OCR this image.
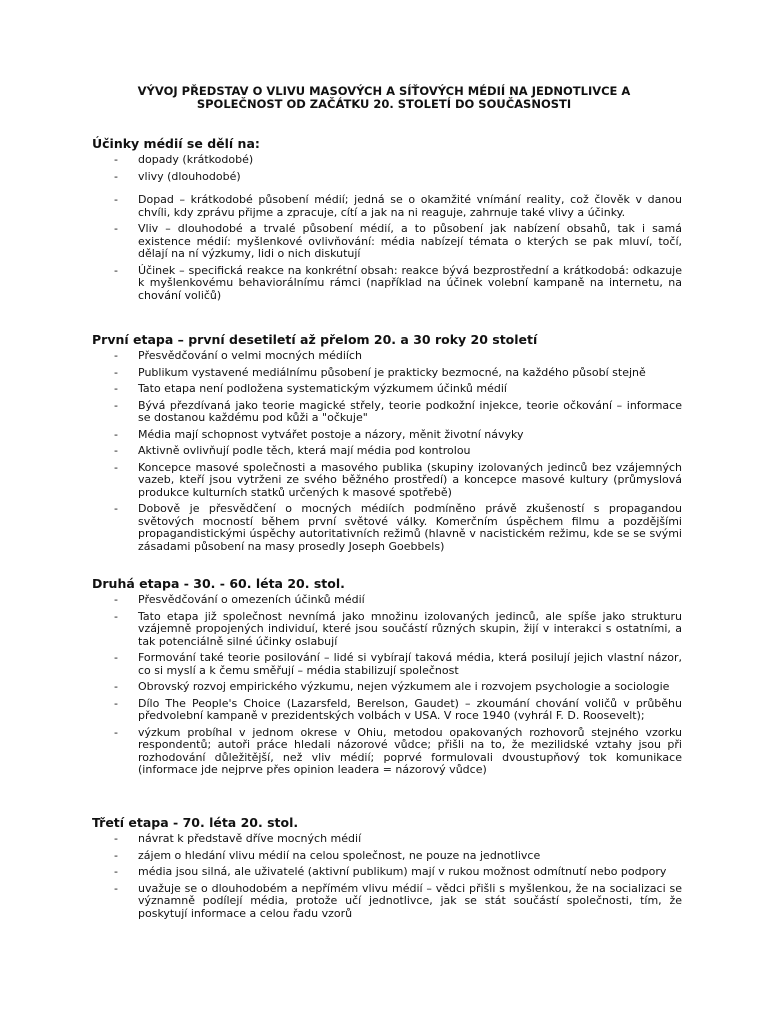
VÝVOJ PŘEDSTAV O VLIVU MASOVÝCH A SÍŤOVÝCH MÉDIÍ NA JEDNOTLIVCE A
SPOLEČNOST OD ZAČÁTKU 20. STOLETÍ DO SOUČASNOSTI
Účinky médií se dělí na:
- dopady (krátkodobé)
- vlivy (dlouhodobé)
- Dopad – krátkodobé působení médií; jedná se o okamžité vnímání reality, což člověk v danou chvíli, kdy zprávu přijme a zpracuje, cítí a jak na ni reaguje, zahrnuje také vlivy a účinky.
- Vliv – dlouhodobé a trvalé působení médií, a to působení jak nabízení obsahů, tak i samá existence médií: myšlenkové ovlivňování: média nabízejí témata o kterých se pak mluví, točí, dělají na ní výzkumy, lidi o nich diskutují
- Účinek – specifická reakce na konkrétní obsah: reakce bývá bezprostřední a krátkodobá: odkazuje k myšlenkovému behaviorálnímu rámci (například na účinek volební kampaně na internetu, na chování voličů)
První etapa – první desetiletí až přelom 20. a 30 roky 20 století
- Přesvědčování o velmi mocných médiích
- Publikum vystavené mediálnímu působení je prakticky bezmocné, na každého působí stejně
- Tato etapa není podložena systematickým výzkumem účinků médií
- Bývá přezdívaná jako teorie magické střely, teorie podkožní injekce, teorie očkování – informace se dostanou každému pod kůži a "očkuje"
- Média mají schopnost vytvářet postoje a názory, měnit životní návyky
- Aktivně ovlivňují podle těch, která mají média pod kontrolou
- Koncepce masové společnosti a masového publika (skupiny izolovaných jedinců bez vzájemných vazeb, kteří jsou vytrženi ze svého běžného prostředí) a koncepce masové kultury (průmyslová produkce kulturních statků určených k masové spotřebě)
- Dobově je přesvědčení o mocných médiích podmíněno právě zkušeností s propagandou světových mocností během první světové války. Komerčním úspěchem filmu a pozdějšími propagandistickými úspěchy autoritativních režimů (hlavně v nacistickém režimu, kde se se svými zásadami působení na masy prosedly Joseph Goebbels)
Druhá etapa - 30. - 60. léta 20. stol.
- Přesvědčování o omezeních účinků médií
- Tato etapa již společnost nevnímá jako množinu izolovaných jedinců, ale spíše jako strukturu vzájemně propojených individuí, které jsou součástí různých skupin, žijí v interakci s ostatními, a tak potenciálně silné účinky oslabují
- Formování také teorie posilování – lidé si vybírají taková média, která posilují jejich vlastní názor, co si myslí a k čemu směřují – média stabilizují společnost
- Obrovský rozvoj empirického výzkumu, nejen výzkumem ale i rozvojem psychologie a sociologie
- Dílo The People's Choice (Lazarsfeld, Berelson, Gaudet) – zkoumání chování voličů v průběhu předvolební kampaně v prezidentských volbách v USA. V roce 1940 (vyhrál F. D. Roosevelt);
- výzkum probíhal v jednom okrese v Ohiu, metodou opakovaných rozhovorů stejného vzorku respondentů; autoři práce hledali názorové vůdce; přišli na to, že mezilidské vztahy jsou při rozhodování důležitější, než vliv médií; poprvé formulovali dvoustupňový tok komunikace (informace jde nejprve přes opinion leadera = názorový vůdce)
Třetí etapa - 70. léta 20. stol.
- návrat k představě dříve mocných médií
- zájem o hledání vlivu médií na celou společnost, ne pouze na jednotlivce
- média jsou silná, ale uživatelé (aktivní publikum) mají v rukou možnost odmítnutí nebo podpory
- uvažuje se o dlouhodobém a nepřímém vlivu médií – vědci přišli s myšlenkou, že na socializaci se významně podílejí média, protože učí jednotlivce, jak se stát součástí společnosti, tím, že poskytují informace a celou řadu vzorů
